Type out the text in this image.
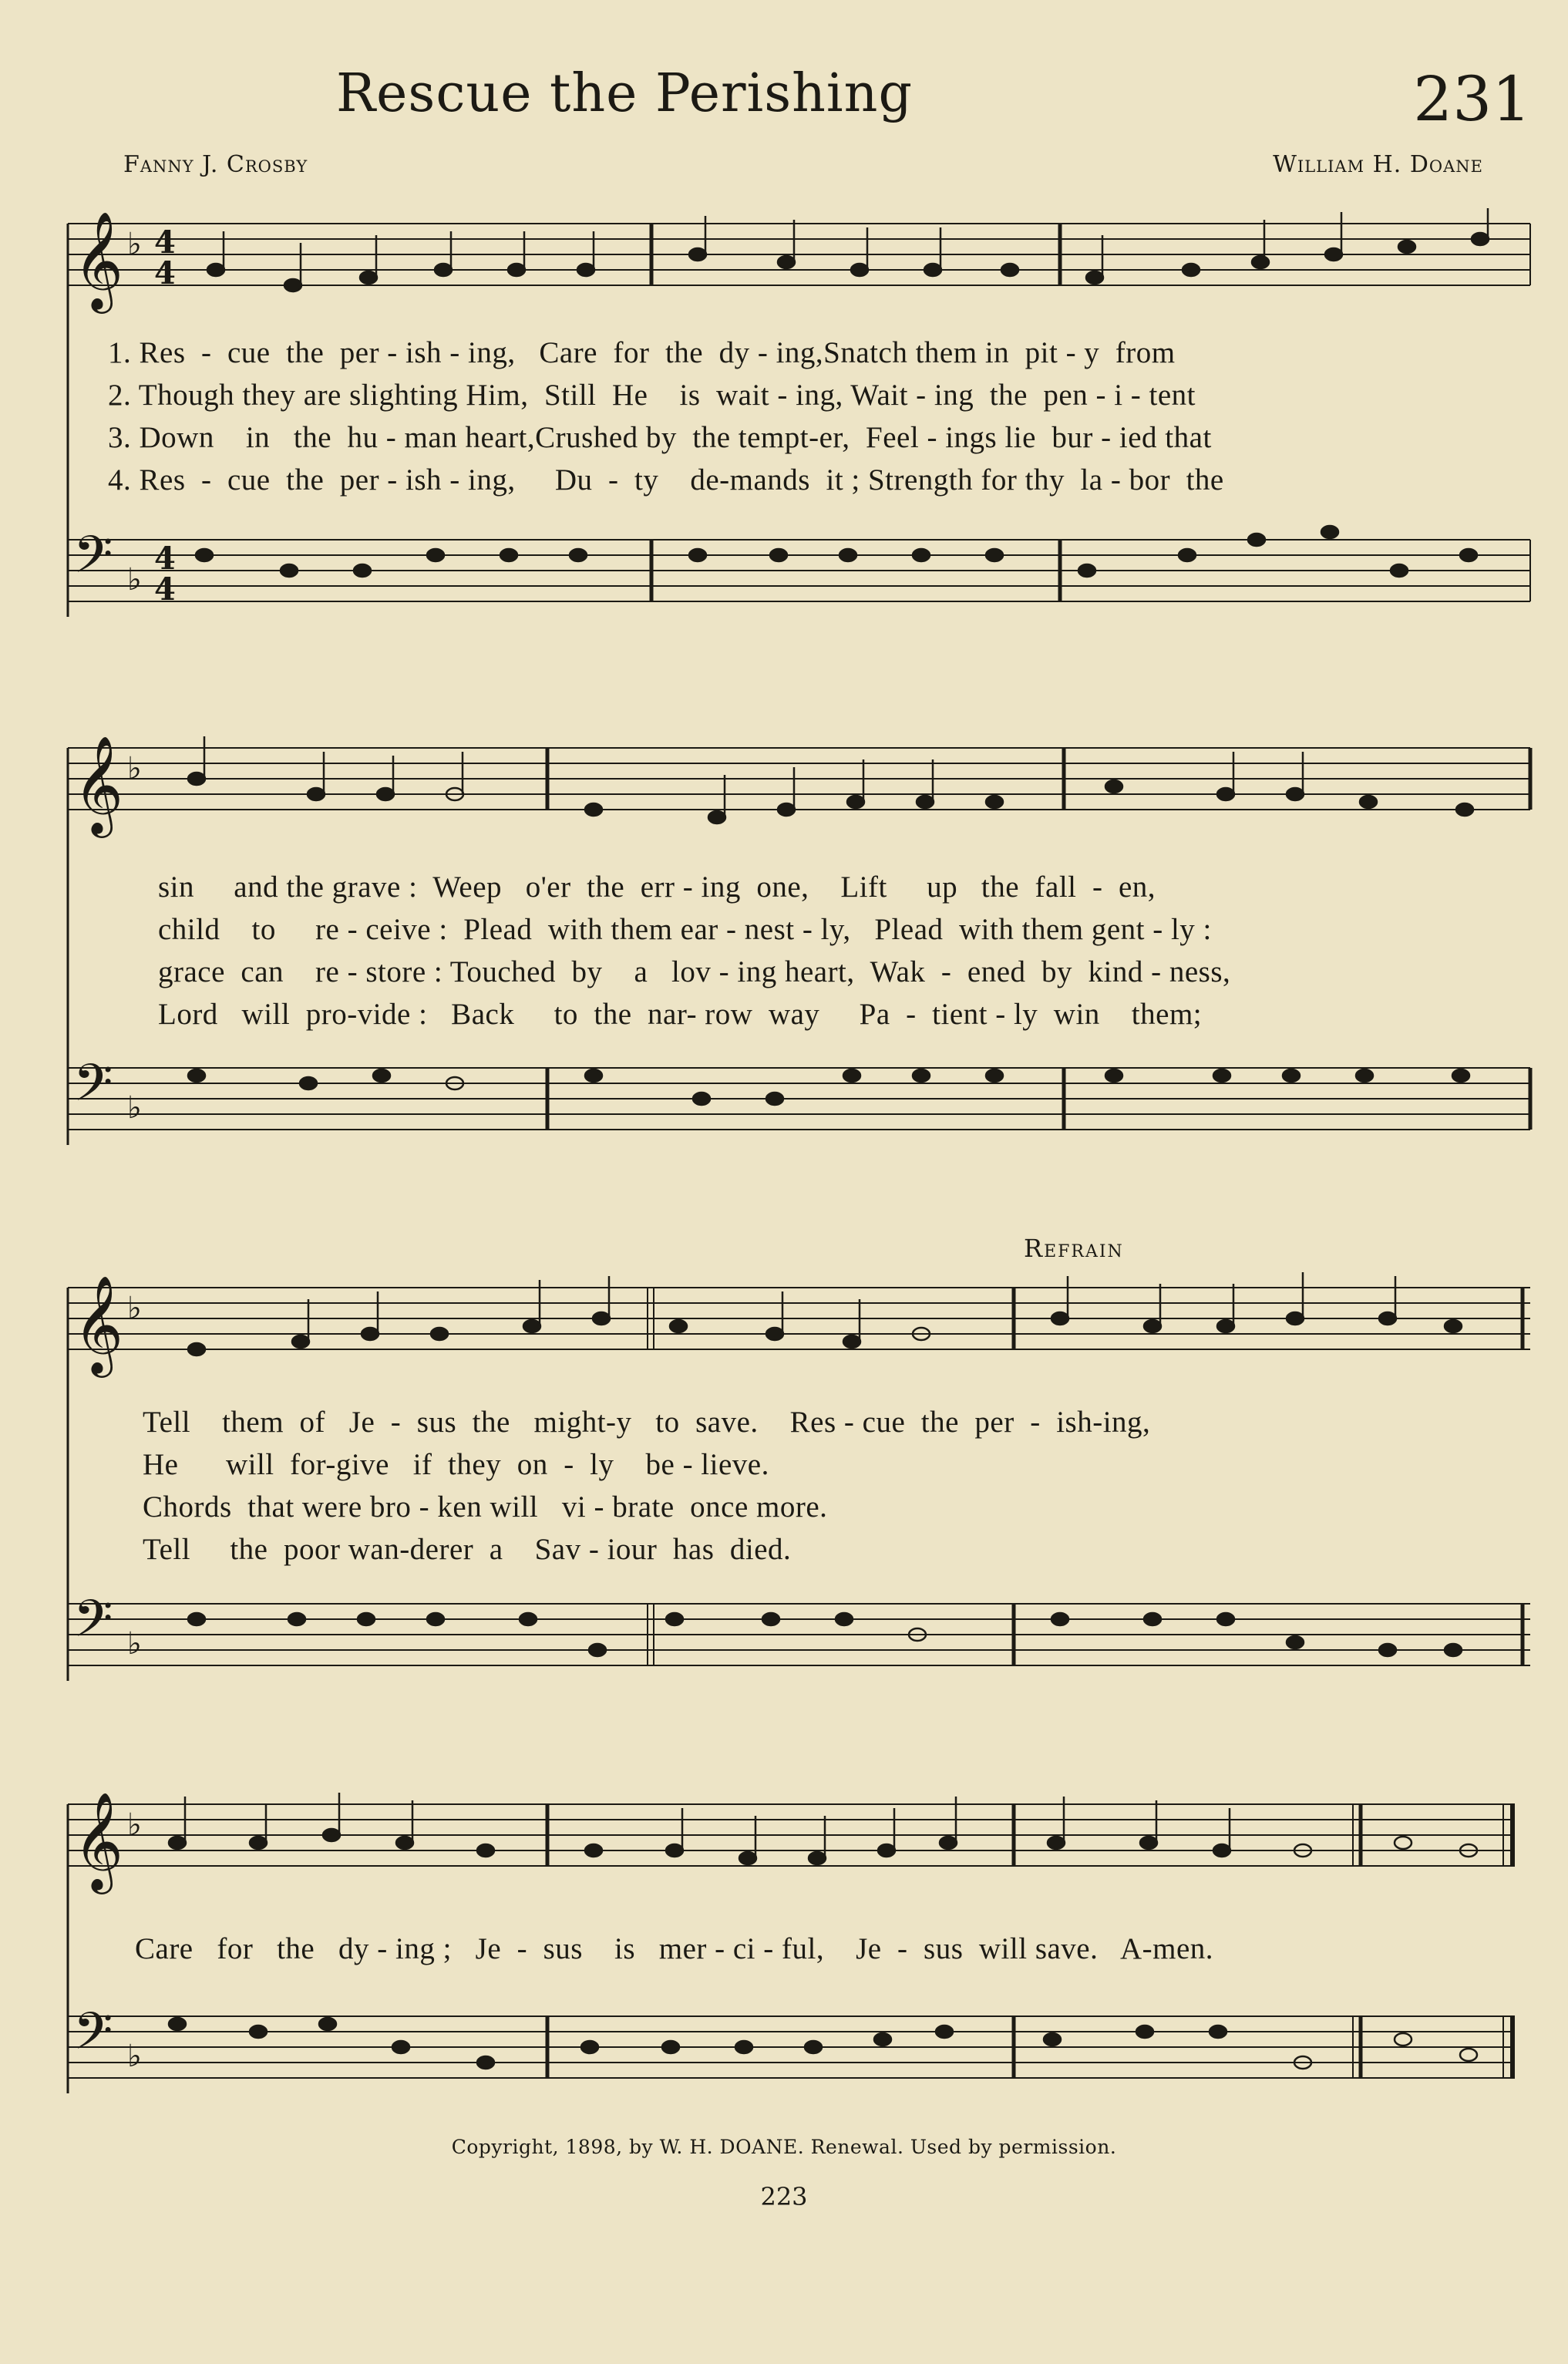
Rescue the Perishing	231
Fanny J. Crosby	William H. Doane
Refrain
𝄞 ♭ 4
4
𝄢 ♭
4
4
1. Res  -  cue  the  per - ish - ing,   Care  for  the  dy - ing,Snatch them in  pit - y  from
2. Though they are slighting Him,  Still  He    is  wait - ing, Wait - ing  the  pen - i - tent
3. Down    in   the  hu - man heart,Crushed by  the tempt-er,  Feel - ings lie  bur - ied that
4. Res  -  cue  the  per - ish - ing,     Du  -  ty    de-mands  it ; Strength for thy  la - bor  the
𝄞 ♭
𝄢 ♭
sin     and the grave :  Weep   o'er  the  err - ing  one,    Lift     up   the  fall  -  en,
child    to     re - ceive :  Plead  with them ear - nest - ly,   Plead  with them gent - ly :
grace  can    re - store : Touched  by    a   lov - ing heart,  Wak  -  ened  by  kind - ness,
Lord   will  pro-vide :   Back     to  the  nar- row  way     Pa  -  tient - ly  win    them;
𝄞 ♭
𝄢 ♭
Tell    them  of   Je  -  sus  the   might-y   to  save.    Res - cue  the  per  -  ish-ing,
He      will  for-give   if  they  on  -  ly    be - lieve.
Chords  that were bro - ken will   vi - brate  once more.
Tell     the  poor wan-derer  a    Sav - iour  has  died.
𝄞 ♭
𝄢 ♭
Care   for   the   dy - ing ;   Je  -  sus    is   mer - ci - ful,    Je  -  sus  will save.   A-men.
Copyright, 1898, by W. H. DOANE. Renewal. Used by permission.
223
